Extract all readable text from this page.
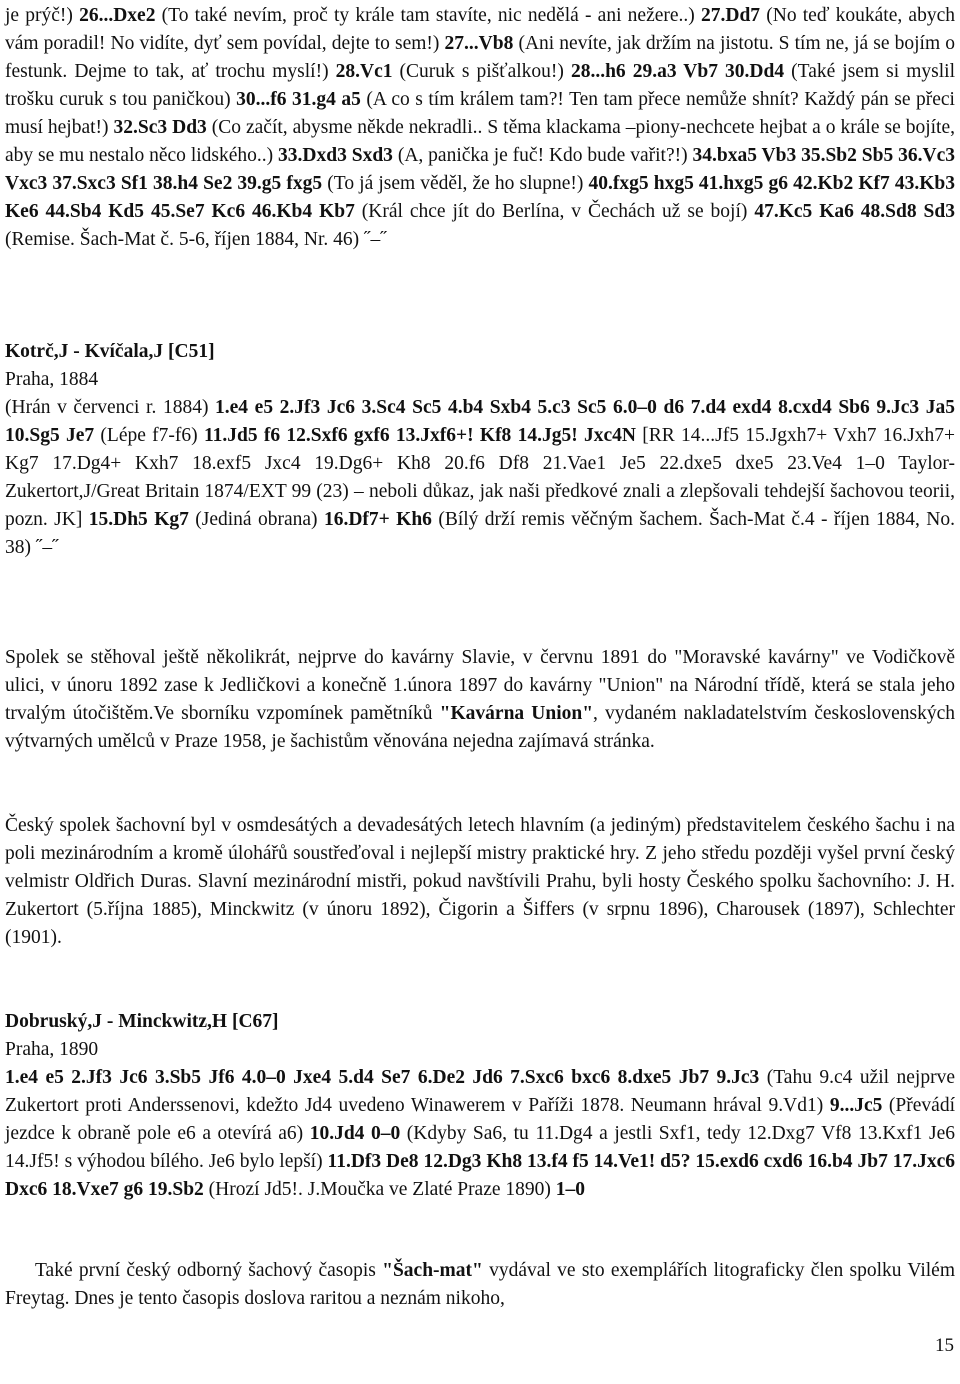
je prýč!) 26...Dxe2 (To také nevím, proč ty krále tam stavíte, nic nedělá - ani nežere..) 27.Dd7 (No teď koukáte, abych vám poradil! No vidíte, dyť sem povídal, dejte to sem!) 27...Vb8 (Ani nevíte, jak držím na jistotu. S tím ne, já se bojím o festunk. Dejme to tak, ať trochu myslí!) 28.Vc1 (Curuk s pišťalkou!) 28...h6 29.a3 Vb7 30.Dd4 (Také jsem si myslil trošku curuk s tou paničkou) 30...f6 31.g4 a5 (A co s tím králem tam?! Ten tam přece nemůže shnít? Každý pán se přeci musí hejbat!) 32.Sc3 Dd3 (Co začít, abysme někde nekradli.. S těma klackama –piony-nechcete hejbat a o krále se bojíte, aby se mu nestalo něco lidského..) 33.Dxd3 Sxd3 (A, panička je fuč! Kdo bude vařit?!) 34.bxa5 Vb3 35.Sb2 Sb5 36.Vc3 Vxc3 37.Sxc3 Sf1 38.h4 Se2 39.g5 fxg5 (To já jsem věděl, že ho slupne!) 40.fxg5 hxg5 41.hxg5 g6 42.Kb2 Kf7 43.Kb3 Ke6 44.Sb4 Kd5 45.Se7 Kc6 46.Kb4 Kb7 (Král chce jít do Berlína, v Čechách už se bojí) 47.Kc5 Ka6 48.Sd8 Sd3 (Remise. Šach-Mat č. 5-6, říjen 1884, Nr. 46) ˝–˝

Kotrč,J - Kvíčala,J [C51]
Praha, 1884

(Hrán v červenci r. 1884) 1.e4 e5 2.Jf3 Jc6 3.Sc4 Sc5 4.b4 Sxb4 5.c3 Sc5 6.0–0 d6 7.d4 exd4 8.cxd4 Sb6 9.Jc3 Ja5 10.Sg5 Je7 (Lépe f7-f6) 11.Jd5 f6 12.Sxf6 gxf6 13.Jxf6+! Kf8 14.Jg5! Jxc4N [RR 14...Jf5 15.Jgxh7+ Vxh7 16.Jxh7+ Kg7 17.Dg4+ Kxh7 18.exf5 Jxc4 19.Dg6+ Kh8 20.f6 Df8 21.Vae1 Je5 22.dxe5 dxe5 23.Ve4 1–0 Taylor-Zukertort,J/Great Britain 1874/EXT 99 (23) – neboli důkaz, jak naši předkové znali a zlepšovali tehdejší šachovou teorii, pozn. JK] 15.Dh5 Kg7 (Jediná obrana) 16.Df7+ Kh6 (Bílý drží remis věčným šachem. Šach-Mat č.4 - říjen 1884, No. 38) ˝–˝

Spolek se stěhoval ještě několikrát, nejprve do kavárny Slavie, v červnu 1891 do "Moravské kavárny" ve Vodičkově ulici, v únoru 1892 zase k Jedličkovi a konečně 1.února 1897 do kavárny "Union" na Národní třídě, která se stala jeho trvalým útočištěm.Ve sborníku vzpomínek pamětníků "Kavárna Union", vydaném nakladatelstvím československých výtvarných umělců v Praze 1958, je šachistům věnována nejedna zajímavá stránka.

Český spolek šachovní byl v osmdesátých a devadesátých letech hlavním (a jediným) představitelem českého šachu i na poli mezinárodním a kromě úlohářů soustřeďoval i nejlepší mistry praktické hry. Z jeho středu později vyšel první český velmistr Oldřich Duras. Slavní mezinárodní mistři, pokud navštívili Prahu, byli hosty Českého spolku šachovního: J. H. Zukertort (5.října 1885), Minckwitz (v únoru 1892), Čigorin a Šiffers (v srpnu 1896), Charousek (1897), Schlechter (1901).

Dobruský,J - Minckwitz,H [C67]
Praha, 1890

1.e4 e5 2.Jf3 Jc6 3.Sb5 Jf6 4.0–0 Jxe4 5.d4 Se7 6.De2 Jd6 7.Sxc6 bxc6 8.dxe5 Jb7 9.Jc3 (Tahu 9.c4 užil nejprve Zukertort proti Anderssenovi, kdežto Jd4 uvedeno Winawerem v Paříži 1878. Neumann hrával 9.Vd1) 9...Jc5 (Převádí jezdce k obraně pole e6 a otevírá a6) 10.Jd4 0–0 (Kdyby Sa6, tu 11.Dg4 a jestli Sxf1, tedy 12.Dxg7 Vf8 13.Kxf1 Je6 14.Jf5! s výhodou bílého. Je6 bylo lepší) 11.Df3 De8 12.Dg3 Kh8 13.f4 f5 14.Ve1! d5? 15.exd6 cxd6 16.b4 Jb7 17.Jxc6 Dxc6 18.Vxe7 g6 19.Sb2 (Hrozí Jd5!. J.Moučka ve Zlaté Praze 1890) 1–0

Také první český odborný šachový časopis "Šach-mat" vydával ve sto exemplářích litograficky člen spolku Vilém Freytag. Dnes je tento časopis doslova raritou a neznám nikoho,

15
